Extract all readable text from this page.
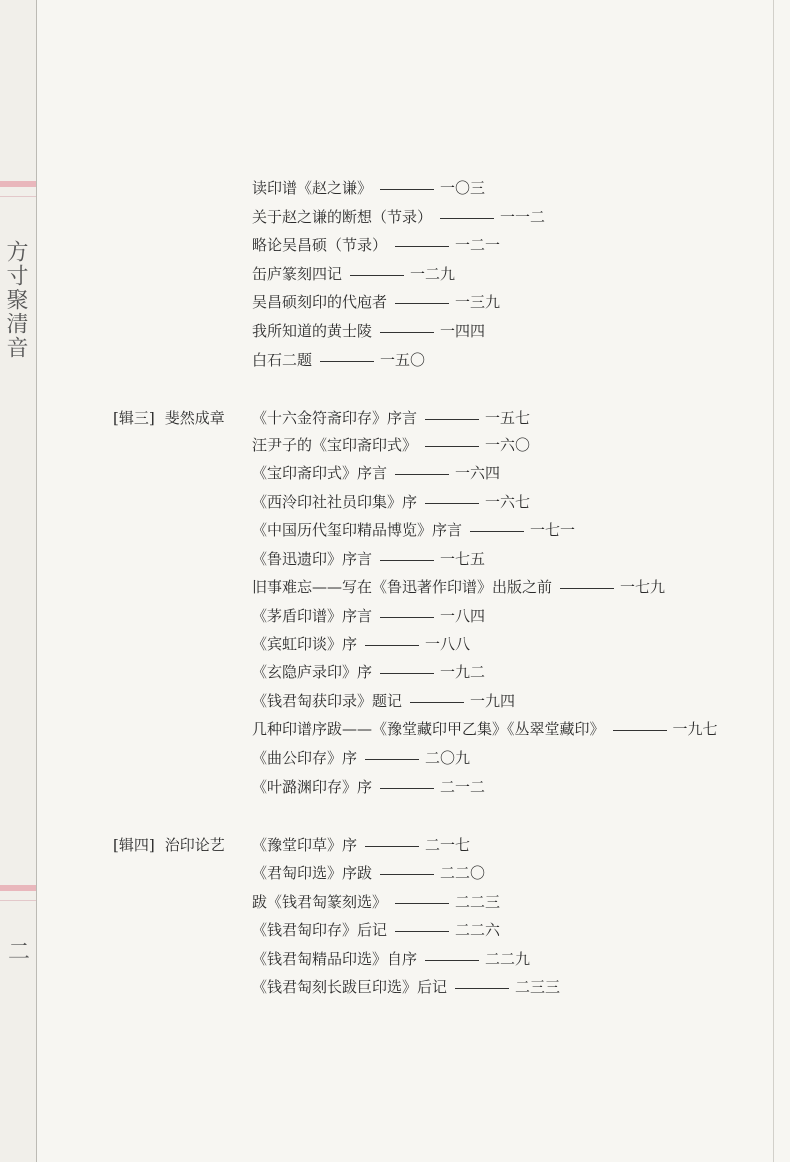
方寸聚清音
二
[辑三] 斐然成章
[辑四] 治印论艺
读印谱《赵之谦》	一〇三
关于赵之谦的断想（节录）	一一二
略论吴昌硕（节录）	一二一
缶庐篆刻四记	一二九
吴昌硕刻印的代庖者	一三九
我所知道的黄士陵	一四四
白石二题	一五〇
《十六金符斋印存》序言	一五七
汪尹子的《宝印斋印式》	一六〇
《宝印斋印式》序言	一六四
《西泠印社社员印集》序	一六七
《中国历代玺印精品博览》序言	一七一
《鲁迅遗印》序言	一七五
旧事难忘——写在《鲁迅著作印谱》出版之前	一七九
《茅盾印谱》序言	一八四
《宾虹印谈》序	一八八
《玄隐庐录印》序	一九二
《钱君匋获印录》题记	一九四
几种印谱序跋——《豫堂藏印甲乙集》《丛翠堂藏印》	一九七
《曲公印存》序	二〇九
《叶潞渊印存》序	二一二
《豫堂印草》序	二一七
《君匋印选》序跋	二二〇
跋《钱君匋篆刻选》	二二三
《钱君匋印存》后记	二二六
《钱君匋精品印选》自序	二二九
《钱君匋刻长跋巨印选》后记	二三三
